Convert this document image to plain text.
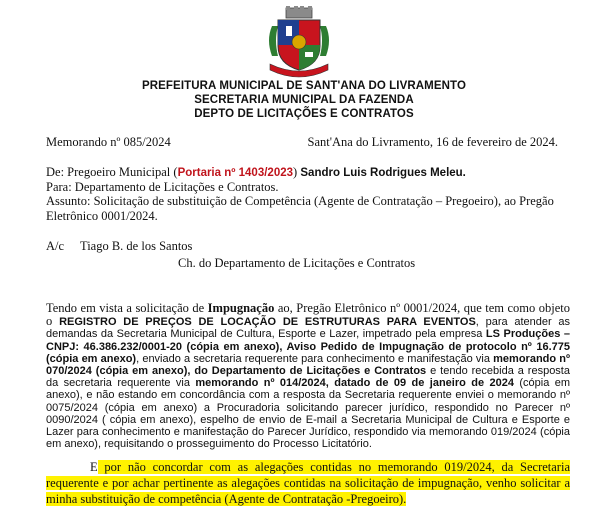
PREFEITURA MUNICIPAL DE SANT'ANA DO LIVRAMENTO
SECRETARIA MUNICIPAL DA FAZENDA
DEPTO DE LICITAÇÕES E CONTRATOS
Memorando nº 085/2024	Sant'Ana do Livramento, 16 de fevereiro de 2024.
De: Pregoeiro Municipal (Portaria nº 1403/2023) Sandro Luis Rodrigues Meleu.
Para: Departamento de Licitações e Contratos.
Assunto: Solicitação de substituição de Competência (Agente de Contratação – Pregoeiro), ao Pregão Eletrônico 0001/2024.
A/c Tiago B. de los Santos
Ch. do Departamento de Licitações e Contratos
Tendo em vista a solicitação de Impugnação ao, Pregão Eletrônico nº 0001/2024, que tem como objeto o REGISTRO DE PREÇOS DE LOCAÇÃO DE ESTRUTURAS PARA EVENTOS, para atender as demandas da Secretaria Municipal de Cultura, Esporte e Lazer, impetrado pela empresa LS Produções – CNPJ: 46.386.232/0001-20 (cópia em anexo), Aviso Pedido de Impugnação de protocolo nº 16.775 (cópia em anexo), enviado a secretaria requerente para conhecimento e manifestação via memorando nº 070/2024 (cópia em anexo), do Departamento de Licitações e Contratos e tendo recebida a resposta da secretaria requerente via memorando nº 014/2024, datado de 09 de janeiro de 2024 (cópia em anexo), e não estando em concordância com a resposta da Secretaria requerente enviei o memorando nº 0075/2024 (cópia em anexo) a Procuradoria solicitando parecer jurídico, respondido no Parecer nº 0090/2024 ( cópia em anexo), espelho de envio de E-mail a Secretaria Municipal de Cultura e Esporte e Lazer para conhecimento e manifestação do Parecer Jurídico, respondido via memorando 019/2024 (cópia em anexo), requisitando o prosseguimento do Processo Licitatório.
E por não concordar com as alegações contidas no memorando 019/2024, da Secretaria requerente e por achar pertinente as alegações contidas na solicitação de impugnação, venho solicitar a minha substituição de competência (Agente de Contratação -Pregoeiro).
